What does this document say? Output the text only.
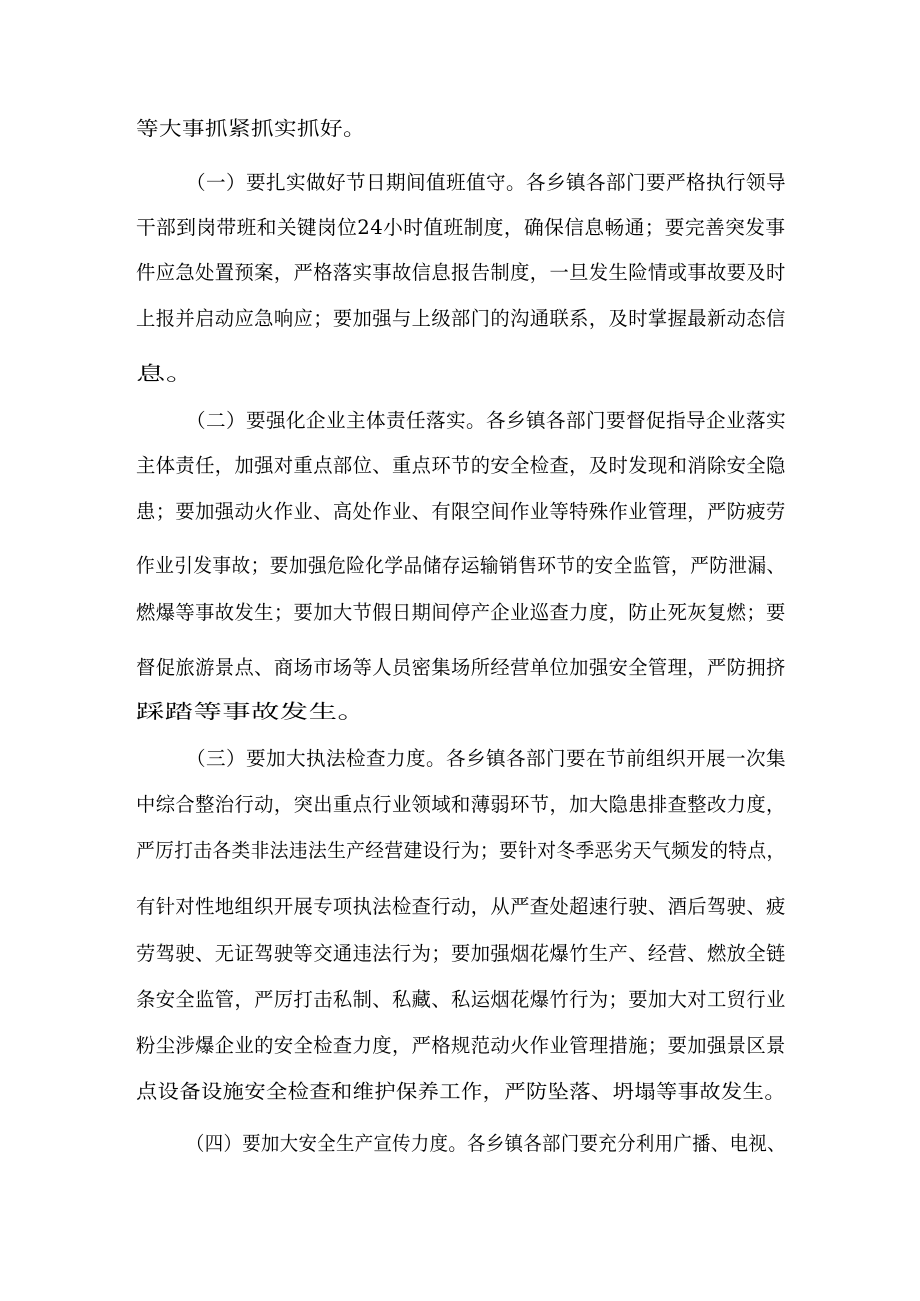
等大事抓紧抓实抓好。
（一）要扎实做好节日期间值班值守。各乡镇各部门要严格执行领导
干部到岗带班和关键岗位24小时值班制度，确保信息畅通；要完善突发事
件应急处置预案，严格落实事故信息报告制度，一旦发生险情或事故要及时
上报并启动应急响应；要加强与上级部门的沟通联系，及时掌握最新动态信
息。
（二）要强化企业主体责任落实。各乡镇各部门要督促指导企业落实
主体责任，加强对重点部位、重点环节的安全检查，及时发现和消除安全隐
患；要加强动火作业、高处作业、有限空间作业等特殊作业管理，严防疲劳
作业引发事故；要加强危险化学品储存运输销售环节的安全监管，严防泄漏、
燃爆等事故发生；要加大节假日期间停产企业巡查力度，防止死灰复燃；要
督促旅游景点、商场市场等人员密集场所经营单位加强安全管理，严防拥挤
踩踏等事故发生。
（三）要加大执法检查力度。各乡镇各部门要在节前组织开展一次集
中综合整治行动，突出重点行业领域和薄弱环节，加大隐患排查整改力度，
严厉打击各类非法违法生产经营建设行为；要针对冬季恶劣天气频发的特点，
有针对性地组织开展专项执法检查行动，从严查处超速行驶、酒后驾驶、疲
劳驾驶、无证驾驶等交通违法行为；要加强烟花爆竹生产、经营、燃放全链
条安全监管，严厉打击私制、私藏、私运烟花爆竹行为；要加大对工贸行业
粉尘涉爆企业的安全检查力度，严格规范动火作业管理措施；要加强景区景
点设备设施安全检查和维护保养工作，严防坠落、坍塌等事故发生。
（四）要加大安全生产宣传力度。各乡镇各部门要充分利用广播、电视、
